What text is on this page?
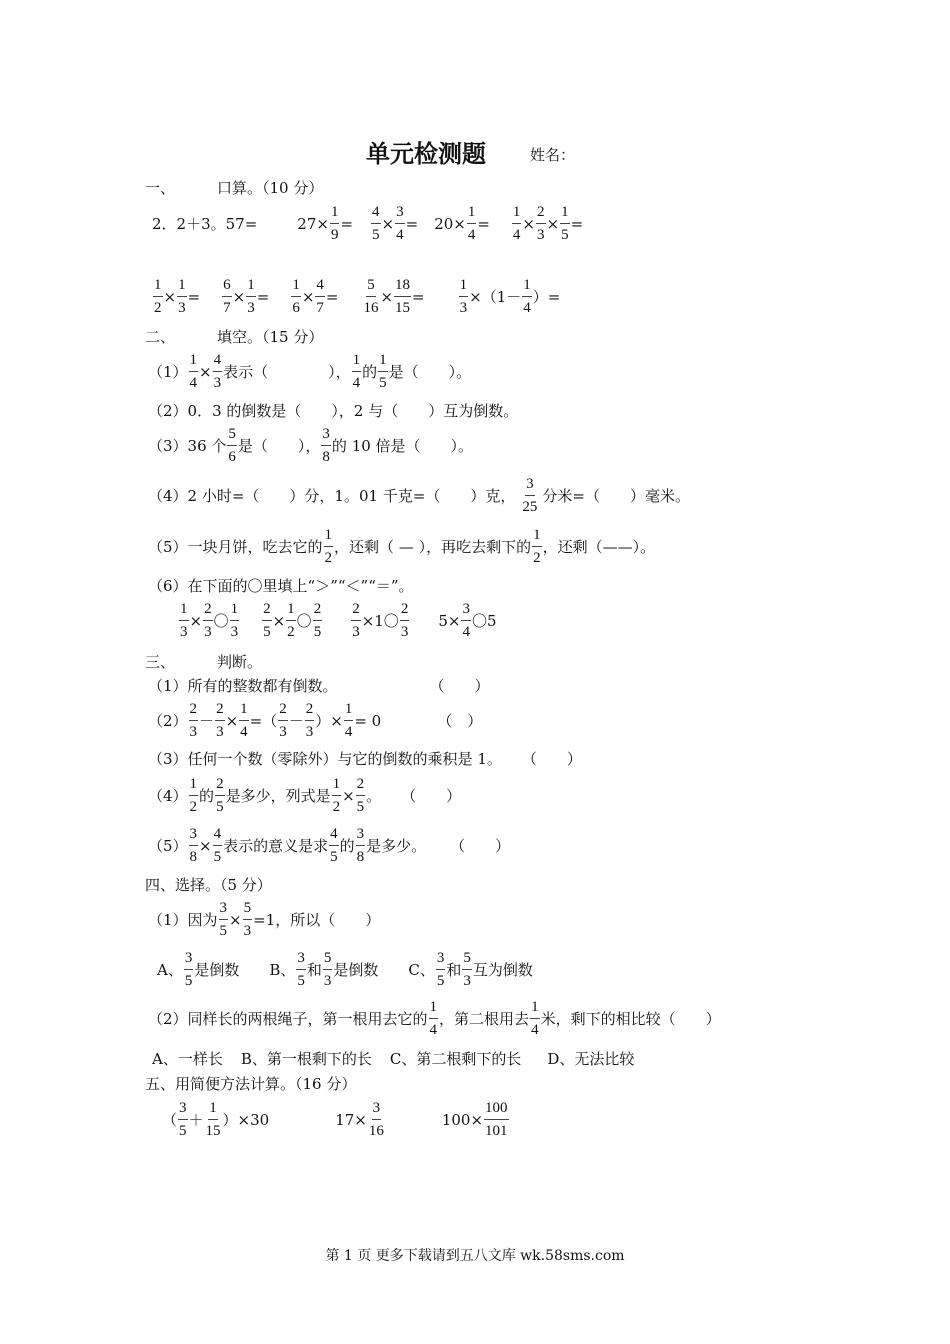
单元检测题	姓名：
一、	口算。（10 分）
2．2＋3。57=	$27\times \frac{1}{9} = \frac{4}{5} \times \frac{3}{4} = 20\times \frac{1}{4} = \frac{1}{4} \times \frac{2}{3} \times \frac{1}{5}$ =
$\frac{1}{2} \times \frac{1}{3} = \frac{6}{7} \times \frac{1}{3} = \frac{1}{6} \times \frac{4}{7} = \frac{5}{16} \times \frac{18}{15} = \frac{1}{3} \times(1-$
1
4
）=
二、	填空。（15 分）
$(1) \frac{1}{4} \times \frac{4}{3}$ 表示（　　　　），
1
4
的
1
5
是（　　）。
（2）0．3 的倒数是（　　），2 与（　　）互为倒数。
（3）36 个
5
6
是（　　），
3
8
的 10 倍是（　　）。
（4）2 小时=（　　）分，1。01 千克=（　　）克，
3
25
分米=（　　）毫米。
（5）一块月饼，吃去它的
1
2
，还剩（ — ），再吃去剩下的
1
2
，还剩（——）。
（6）在下面的〇里填上“＞”“＜”“＝”。
$\frac{1}{3} \times \frac{2}{3}$ 〇
1
$3 \frac{2}{5} \times \frac{1}{2}$ 〇
2
$5 \frac{2}{3} \times 1$〇
2
3
$5\times \frac{3}{4}$ 〇5
三、	判断。
（1）所有的整数都有倒数。	（　　）
（2）
2
3
－ $\frac{2}{3} \times \frac{1}{4}$ =（
2
3
－
2
3
）× $\frac{1}{4} = 0$	（　）
（3）任何一个数（零除外）与它的倒数的乘积是 1。 （　　）
（4）
1
2
的
2
5
是多少，列式是 $\frac{1}{2} \times \frac{2}{5}$ 。 （　　）
$(5) \frac{3}{8} \times \frac{4}{5}$ 表示的意义是求
4
5
的
3
8
是多少。 （　　）
四、选择。（5 分）
（1）因为 $\frac{3}{5} \times \frac{5}{3} =1$，所以（　　）
A、
3
5
是倒数 B、
3
5
和
5
3
是倒数 C、
3
5
和
5
3
互为倒数
（2）同样长的两根绳子，第一根用去它的
1
4
，第二根用去
1
4
米，剩下的相比较（　　）
A、一样长 B、第一根剩下的长 C、第二根剩下的长 D、无法比较
五、用简便方法计算。（16 分）
（
3
5
＋
1
15
）×30	$17\times \frac{3}{16}$	$100\times \frac{100}{101}$
第 1 页 更多下载请到五八文库 wk.58sms.com
